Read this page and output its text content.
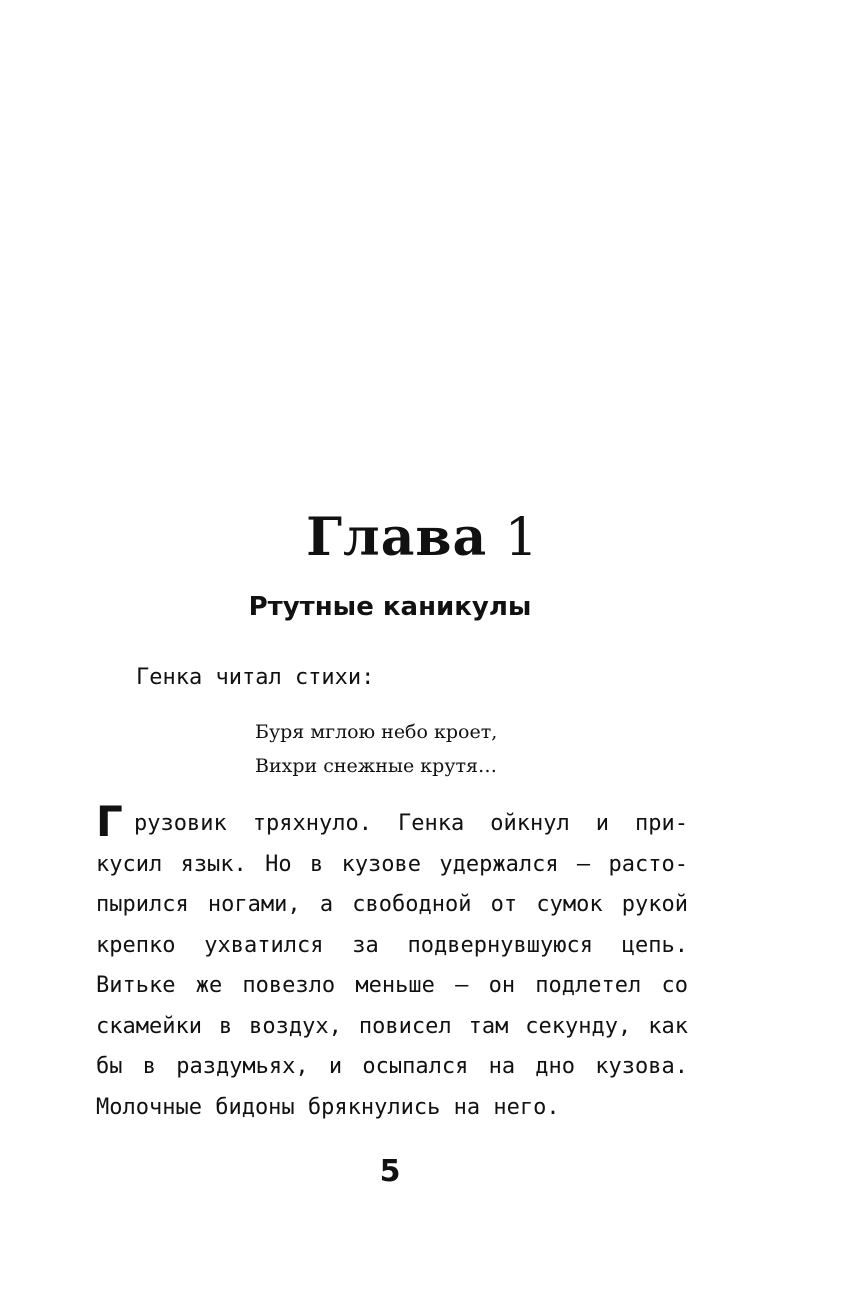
Глава 1
Ртутные каникулы
Генка читал стихи:
Буря мглою небо кроет,
Вихри снежные крутя…
Г рузовик тряхнуло. Генка ойкнул и при-
кусил язык. Но в кузове удержался — расто-
пырился ногами, а свободной от сумок рукой
крепко ухватился за подвернувшуюся цепь.
Витьке же повезло меньше — он подлетел со
скамейки в воздух, повисел там секунду, как
бы в раздумьях, и осыпался на дно кузова.
Молочные бидоны брякнулись на него.
5
